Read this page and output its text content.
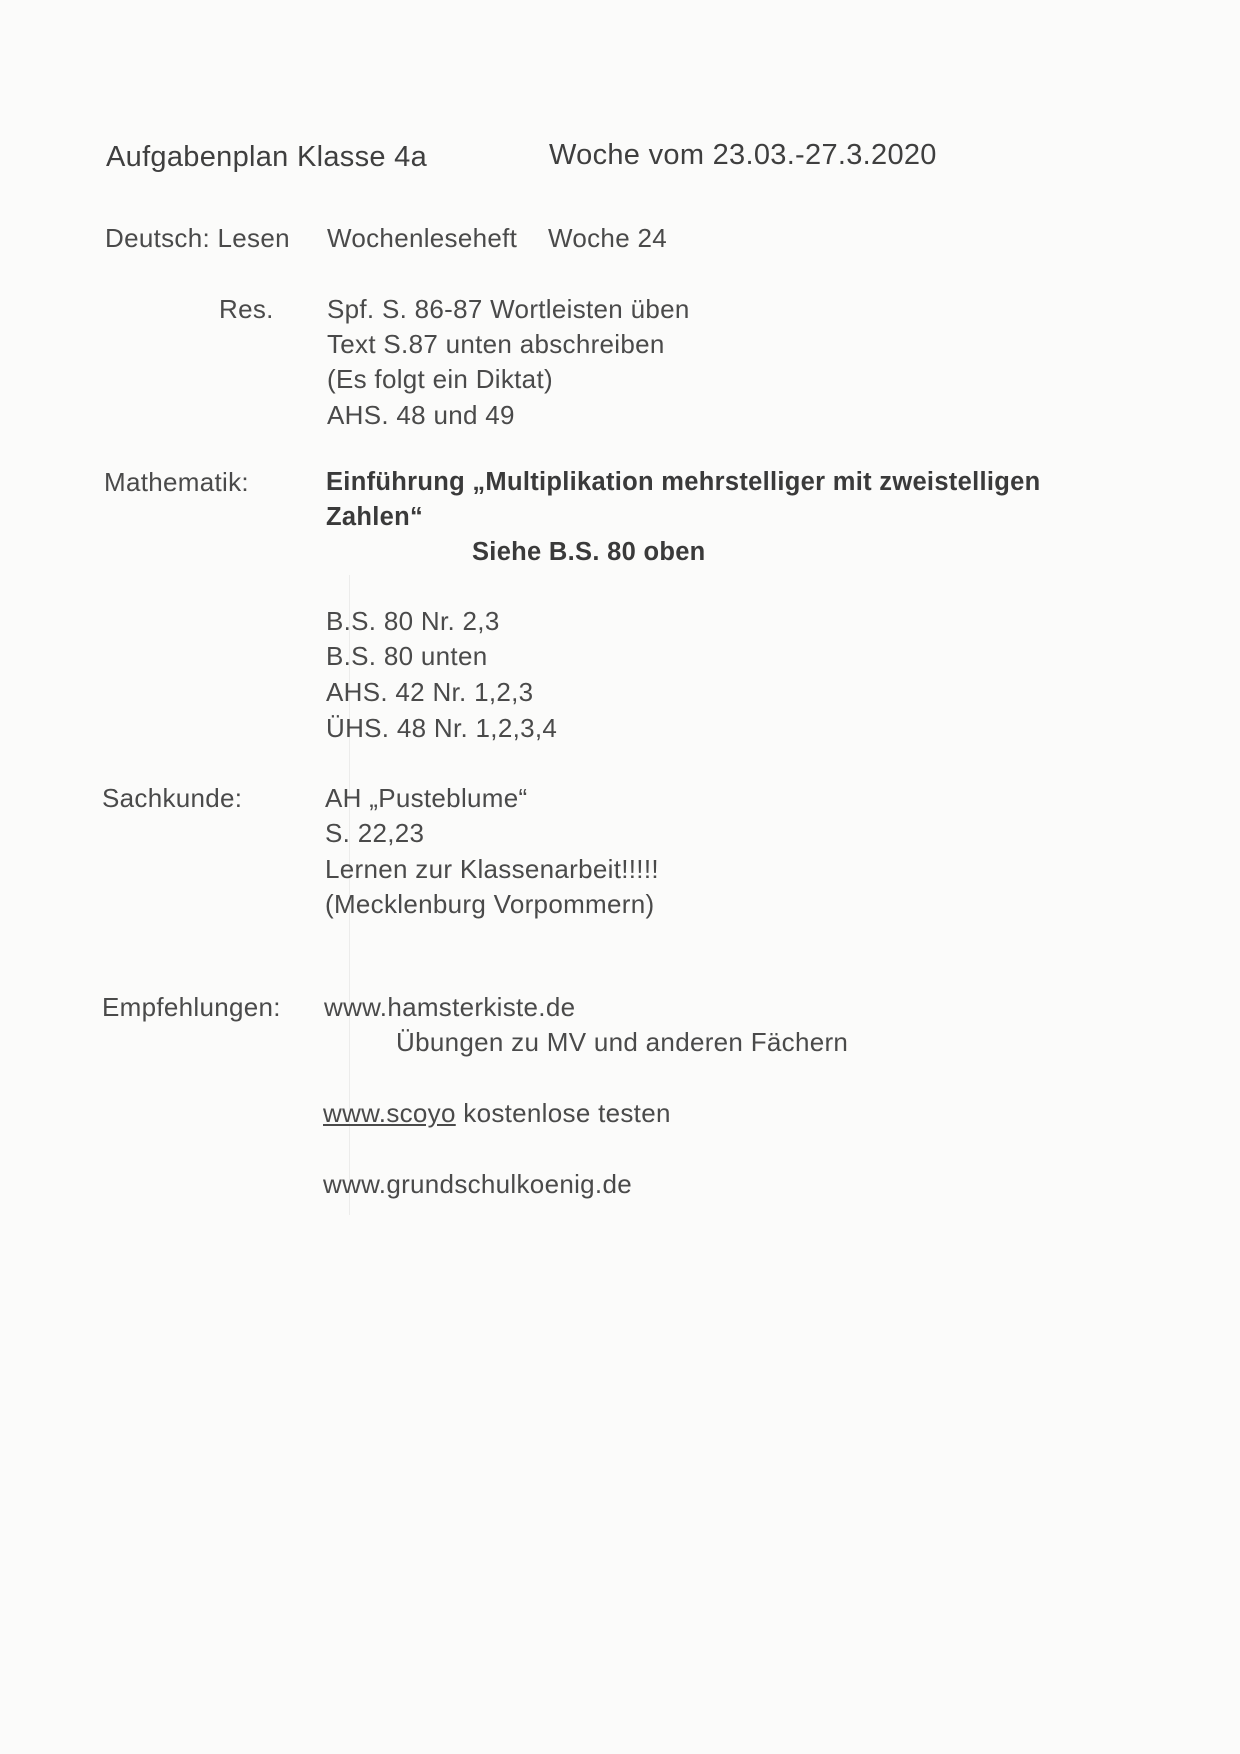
Aufgabenplan Klasse 4a	Woche vom 23.03.-27.3.2020
Deutsch: Lesen Wochenleseheft Woche 24
Res. Spf. S. 86-87 Wortleisten üben
Text S.87 unten abschreiben
(Es folgt ein Diktat)
AHS. 48 und 49
Mathematik:	Einführung „Multiplikation mehrstelliger mit zweistelligen
Zahlen“
Siehe B.S. 80 oben
B.S. 80 Nr. 2,3
B.S. 80 unten
AHS. 42 Nr. 1,2,3
ÜHS. 48 Nr. 1,2,3,4
Sachkunde:	AH „Pusteblume“
S. 22,23
Lernen zur Klassenarbeit!!!!!
(Mecklenburg Vorpommern)
Empfehlungen: www.hamsterkiste.de
Übungen zu MV und anderen Fächern
www.scoyo kostenlose testen
www.grundschulkoenig.de
